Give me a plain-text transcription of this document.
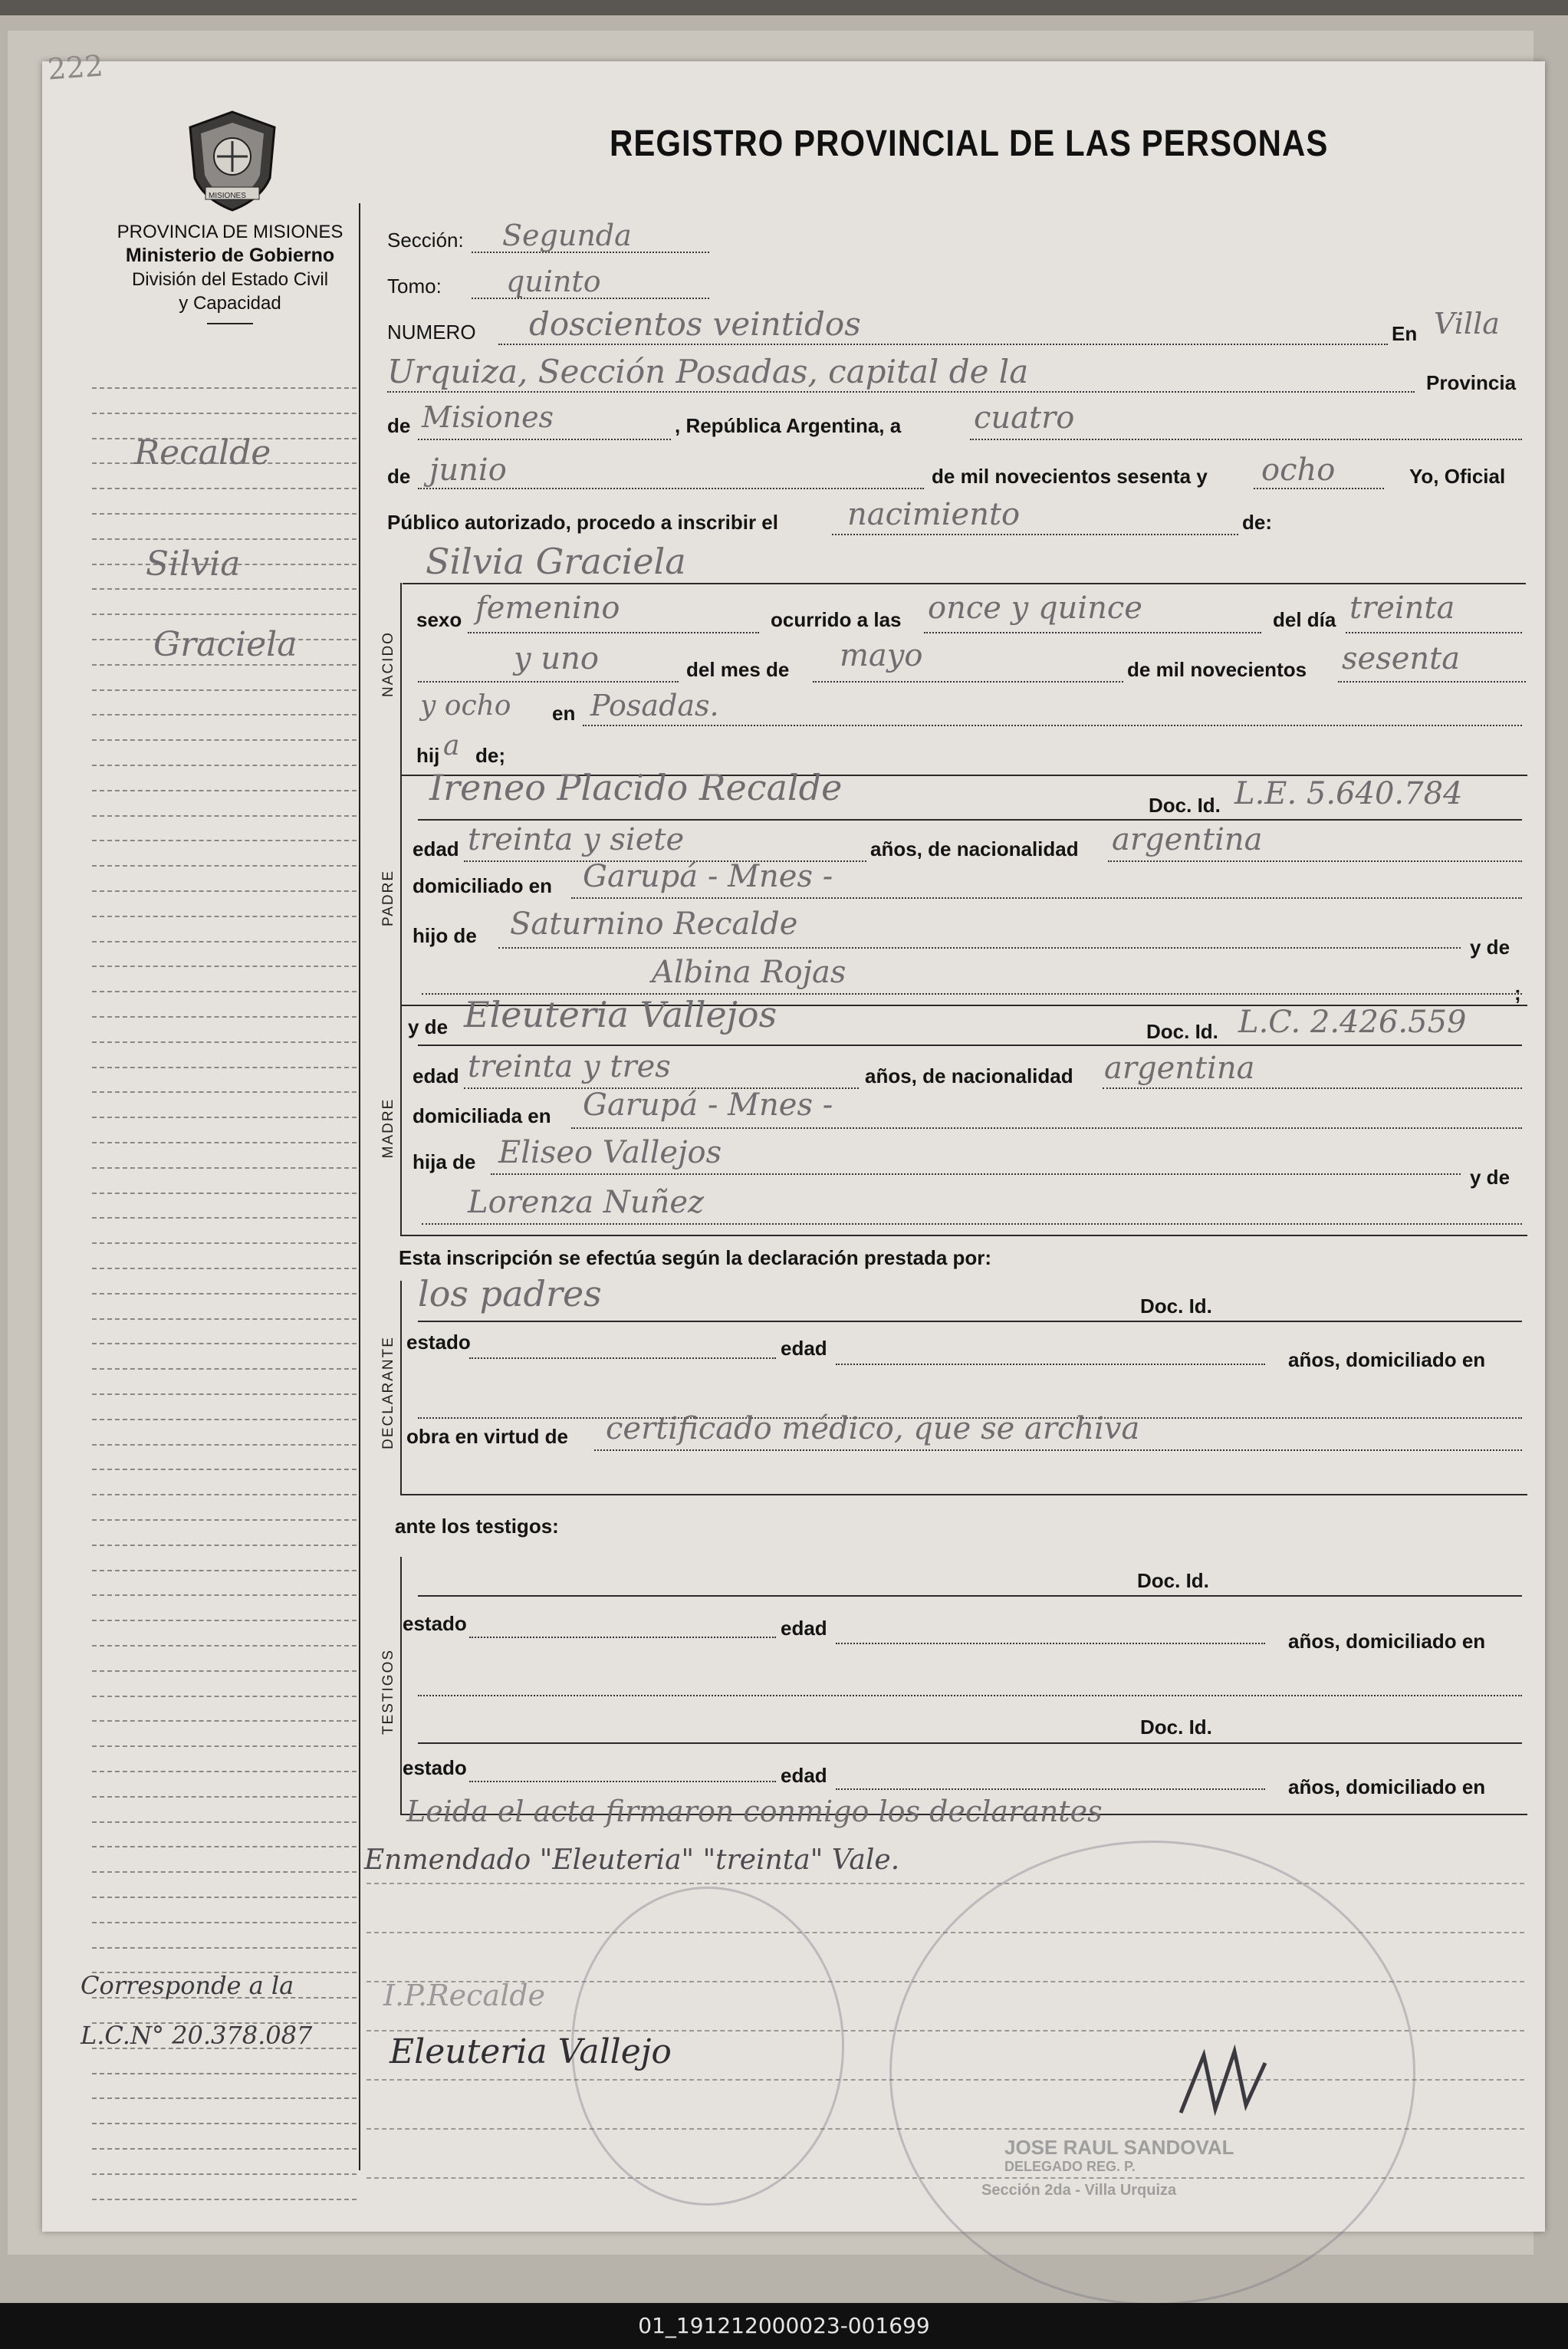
222
MISIONES
PROVINCIA DE MISIONES
Ministerio de Gobierno
División del Estado Civil
y Capacidad
REGISTRO PROVINCIAL DE LAS PERSONAS
Recalde
Silvia
Graciela
Corresponde a la
L.C.N° 20.378.087
Sección: Segunda
Tomo: quinto
NUMERO doscientos veintidos	En Villa
Urquiza, Sección Posadas, capital de la	Provincia
de Misiones	, República Argentina, a cuatro
de junio	de mil novecientos sesenta y ocho	Yo, Oficial
Público autorizado, procedo a inscribir el nacimiento	de:
Silvia Graciela
NACIDO
sexo femenino	ocurrido a las once y quince	del día treinta
y uno	del mes de mayo	de mil novecientos sesenta
y ocho en Posadas.
hij a de;
PADRE
Ireneo Placido Recalde	Doc. Id. L.E. 5.640.784
edad treinta y siete	años, de nacionalidad argentina
domiciliado en Garupá - Mnes -
hijo de Saturnino Recalde
y de
Albina Rojas
;
MADRE
y de Eleuteria Vallejos	Doc. Id. L.C. 2.426.559
edad treinta y tres	años, de nacionalidad argentina
domiciliada en Garupá - Mnes -
hija de Eliseo Vallejos
y de
Lorenza Nuñez
Esta inscripción se efectúa según la declaración prestada por:
DECLARANTE
los padres	Doc. Id.
estado	edad	años, domiciliado en
obra en virtud de certificado médico, que se archiva
ante los testigos:
TESTIGOS
Doc. Id.
estado	edad
años, domiciliado en
Doc. Id.
estado	edad	años, domiciliado en
Leida el acta firmaron conmigo los declarantes
Enmendado "Eleuteria" "treinta" Vale.
I.P.Recalde
Eleuteria Vallejo
JOSE RAUL SANDOVAL
DELEGADO REG. P.
Sección 2da - Villa Urquiza
01_191212000023-001699
